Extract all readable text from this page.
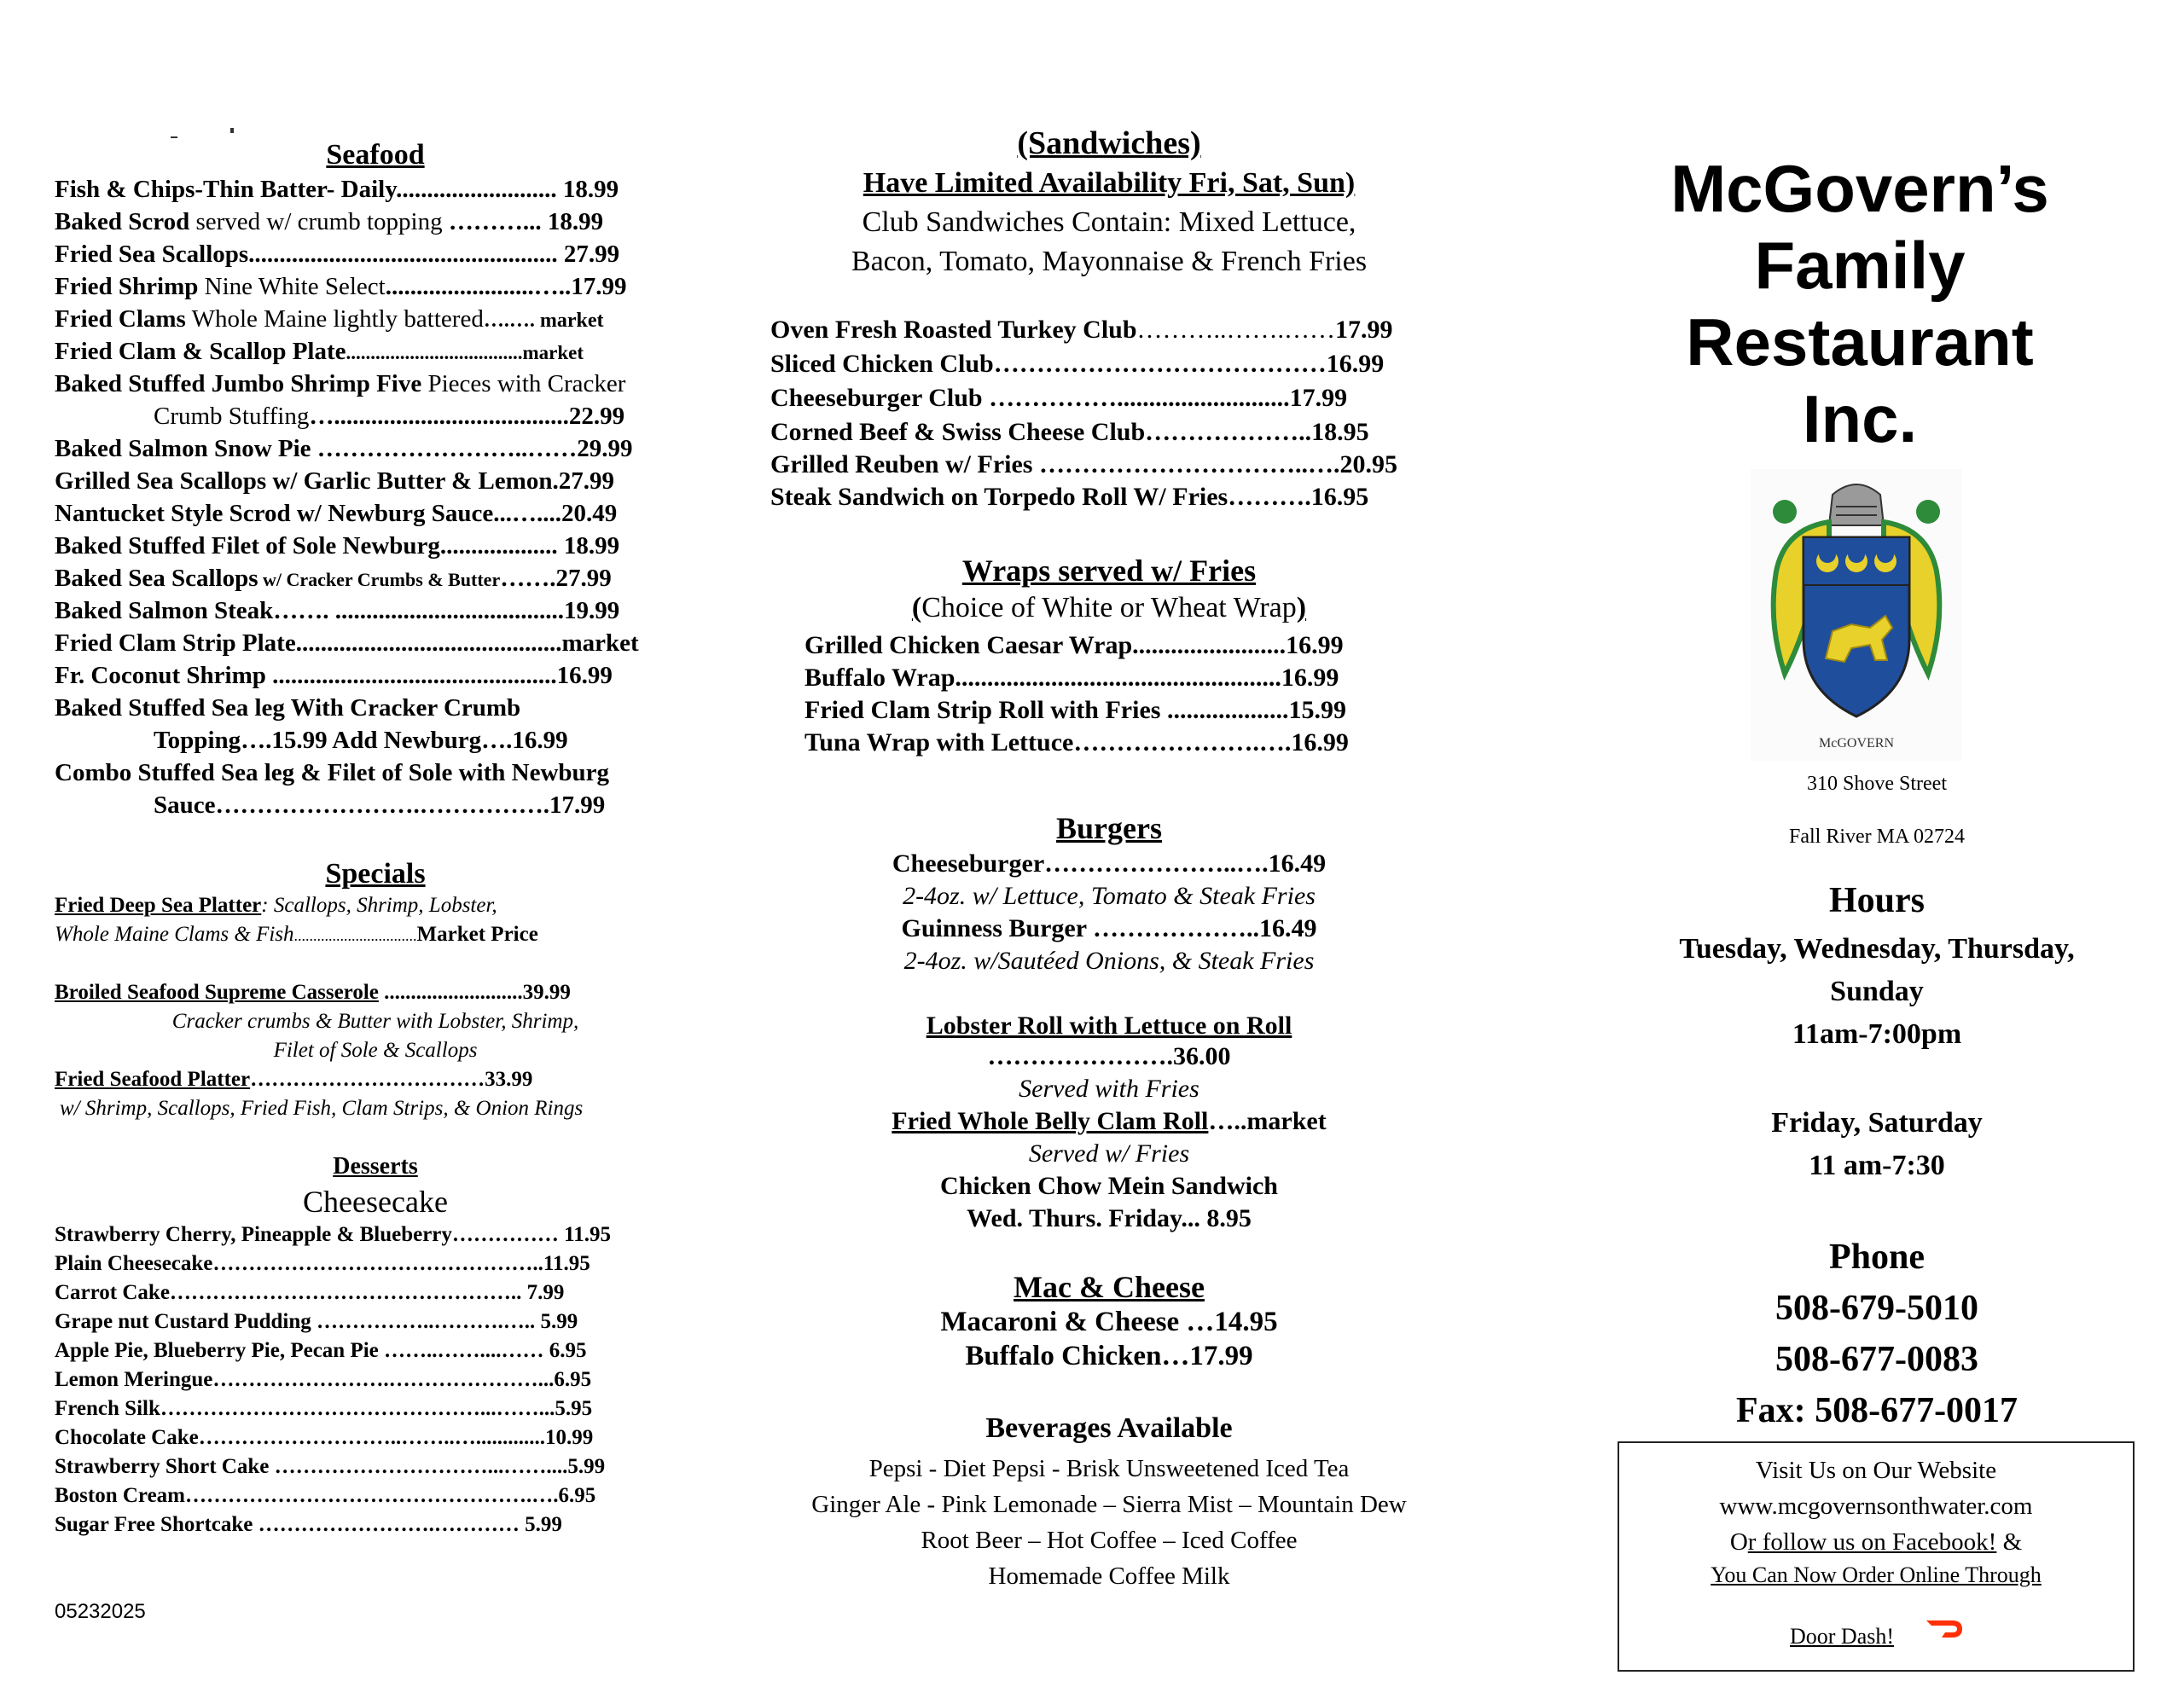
Seafood
Fish & Chips-Thin Batter- Daily.......................... 18.99
Baked Scrod served w/ crumb topping ………... 18.99
Fried Sea Scallops.................................................. 27.99
Fried Shrimp Nine White Select........................…..17.99
Fried Clams Whole Maine lightly battered….…. market
Fried Clam & Scallop Plate....................................market
Baked Stuffed Jumbo Shrimp Five Pieces with Cracker
Crumb Stuffing…......................................22.99
Baked Salmon Snow Pie ……………………..……29.99
Grilled Sea Scallops w/ Garlic Butter & Lemon.27.99
Nantucket Style Scrod w/ Newburg Sauce...…....20.49
Baked Stuffed Filet of Sole Newburg................... 18.99
Baked Sea Scallops w/ Cracker Crumbs & Butter…….27.99
Baked Salmon Steak……. .....................................19.99
Fried Clam Strip Plate...........................................market
Fr. Coconut Shrimp ..............................................16.99
Baked Stuffed Sea leg With Cracker Crumb
Topping….15.99 Add Newburg….16.99
Combo Stuffed Sea leg & Filet of Sole with Newburg
Sauce…………………….…………….17.99
Specials
Fried Deep Sea Platter: Scallops, Shrimp, Lobster,
Whole Maine Clams & Fish................................Market Price
Broiled Seafood Supreme Casserole ..........................39.99
Cracker crumbs & Butter with Lobster, Shrimp,
Filet of Sole & Scallops
Fried Seafood Platter……………………………33.99
w/ Shrimp, Scallops, Fried Fish, Clam Strips, & Onion Rings
Desserts
Cheesecake
Strawberry Cherry, Pineapple & Blueberry…………… 11.95
Plain Cheesecake………………………………………..11.95
Carrot Cake………………………………………….. 7.99
Grape nut Custard Pudding ……………..……….….. 5.99
Apple Pie, Blueberry Pie, Pecan Pie ……..……....…… 6.95
Lemon Meringue…………………….…………………...6.95
French Silk………………………………………...……...5.95
Chocolate Cake………………………..……..….............10.99
Strawberry Short Cake …………………………...……....5.99
Boston Cream………………………………………….….6.95
Sugar Free Shortcake …………………….………… 5.99
05232025
(Sandwiches)
Have Limited Availability Fri, Sat, Sun)
Club Sandwiches Contain: Mixed Lettuce,
Bacon, Tomato, Mayonnaise & French Fries
Oven Fresh Roasted Turkey Club………..…….……17.99
Sliced Chicken Club…………………………………16.99
Cheeseburger Club ……………...........................17.99
Corned Beef & Swiss Cheese Club………………..18.95
Grilled Reuben w/ Fries …………………………..….20.95
Steak Sandwich on Torpedo Roll W/ Fries……….16.95
Wraps served w/ Fries
(Choice of White or Wheat Wrap)
Grilled Chicken Caesar Wrap........................16.99
Buffalo Wrap...................................................16.99
Fried Clam Strip Roll with Fries ...................15.99
Tuna Wrap with Lettuce………………….….16.99
Burgers
Cheeseburger…………………..….16.49
2-4oz. w/ Lettuce, Tomato & Steak Fries
Guinness Burger ………………..16.49
2-4oz. w/Sautéed Onions, & Steak Fries
Lobster Roll with Lettuce on Roll
………………….36.00
Served with Fries
Fried Whole Belly Clam Roll…..market
Served w/ Fries
Chicken Chow Mein Sandwich
Wed. Thurs. Friday... 8.95
Mac & Cheese
Macaroni & Cheese …14.95
Buffalo Chicken…17.99
Beverages Available
Pepsi - Diet Pepsi - Brisk Unsweetened Iced Tea
Ginger Ale - Pink Lemonade – Sierra Mist – Mountain Dew
Root Beer – Hot Coffee – Iced Coffee
Homemade Coffee Milk
McGovern’s
Family
Restaurant
Inc.
McGOVERN
310 Shove Street
Fall River MA 02724
Hours
Tuesday, Wednesday, Thursday,
Sunday
11am-7:00pm
Friday, Saturday
11 am-7:30
Phone
508-679-5010
508-677-0083
Fax: 508-677-0017
Visit Us on Our Website
www.mcgovernsonthwater.com
Or follow us on Facebook! &
You Can Now Order Online Through
Door Dash!
